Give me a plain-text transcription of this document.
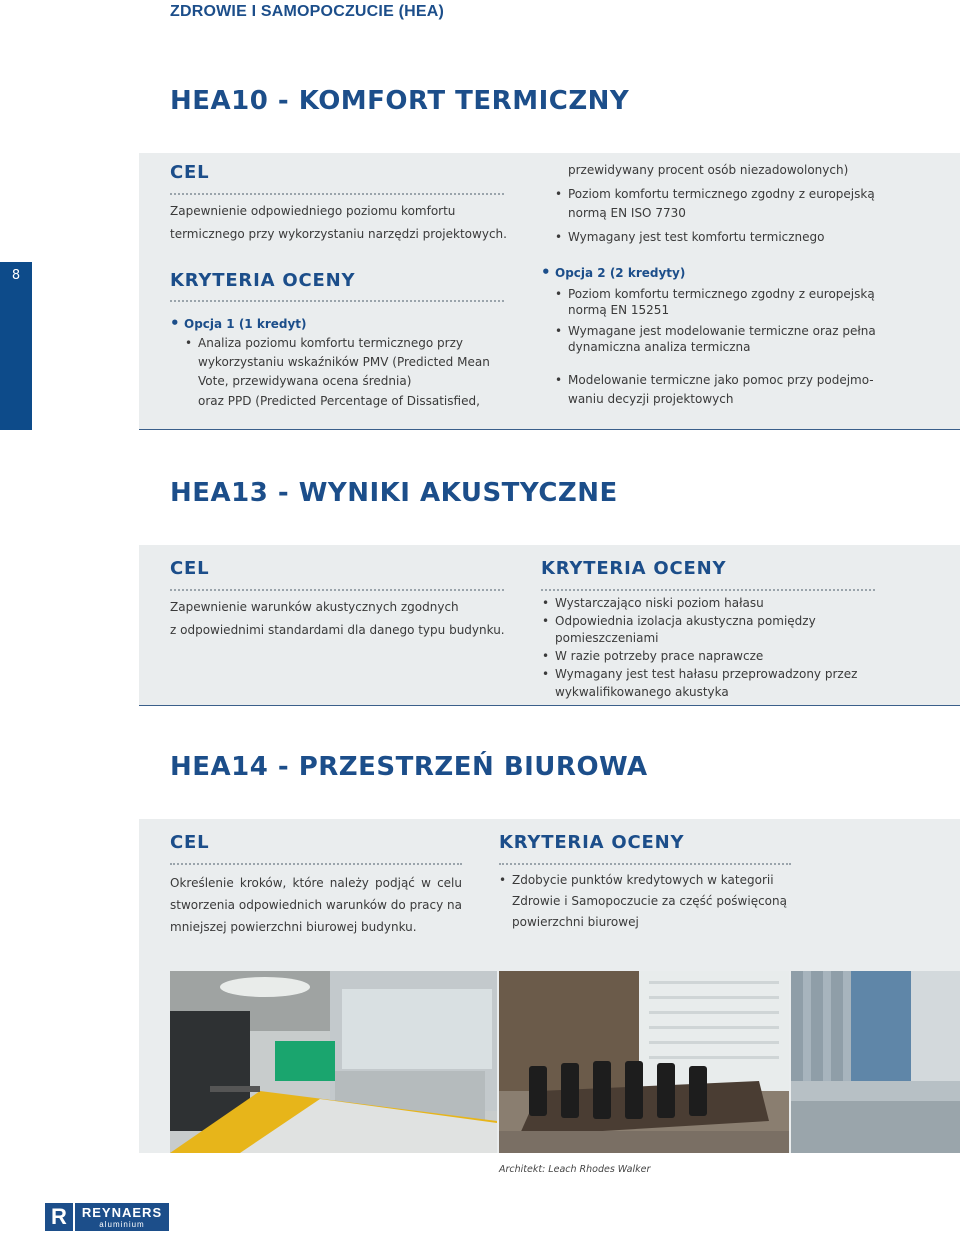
ZDROWIE I SAMOPOCZUCIE (HEA)
8
HEA10 - KOMFORT TERMICZNY
CEL
Zapewnienie odpowiedniego poziomu komfortu
termicznego przy wykorzystaniu narzędzi projektowych.
KRYTERIA OCENY
• Opcja 1 (1 kredyt)
• Analiza poziomu komfortu termicznego przy
wykorzystaniu wskaźników PMV (Predicted Mean
Vote, przewidywana ocena średnia)
oraz PPD (Predicted Percentage of Dissatisfied,
przewidywany procent osób niezadowolonych)
• Poziom komfortu termicznego zgodny z europejską
normą EN ISO 7730
• Wymagany jest test komfortu termicznego
• Opcja 2 (2 kredyty)
• Poziom komfortu termicznego zgodny z europejską
normą EN 15251
• Wymagane jest modelowanie termiczne oraz pełna
dynamiczna analiza termiczna
• Modelowanie termiczne jako pomoc przy podejmo-
waniu decyzji projektowych
HEA13 - WYNIKI AKUSTYCZNE
CEL
Zapewnienie warunków akustycznych zgodnych
z odpowiednimi standardami dla danego typu budynku.
KRYTERIA OCENY
• Wystarczająco niski poziom hałasu
• Odpowiednia izolacja akustyczna pomiędzy
pomieszczeniami
• W razie potrzeby prace naprawcze
• Wymagany jest test hałasu przeprowadzony przez
wykwalifikowanego akustyka
HEA14 - PRZESTRZEŃ BIUROWA
CEL
Określenie kroków, które należy podjąć w celu stworzenia odpowiednich warunków do pracy na mniejszej powierzchni biurowej budynku.
KRYTERIA OCENY
• Zdobycie punktów kredytowych w kategorii
Zdrowie i Samopoczucie za część poświęconą
powierzchni biurowej
Architekt: Leach Rhodes Walker
R	REYNAERS
aluminium
